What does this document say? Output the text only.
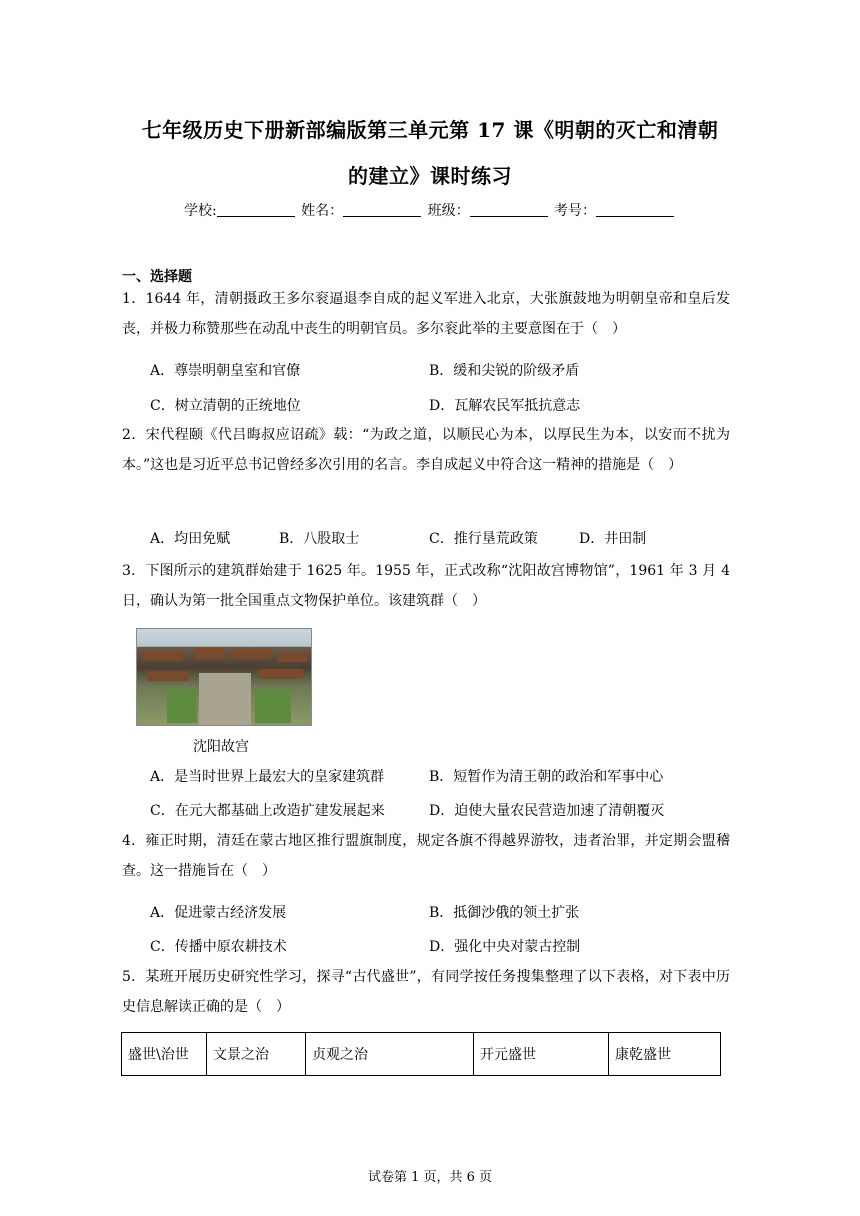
七年级历史下册新部编版第三单元第 17 课《明朝的灭亡和清朝
的建立》课时练习
学校:	姓名：	班级：	考号：
一、选择题
1．1644 年，清朝摄政王多尔衮逼退李自成的起义军进入北京，大张旗鼓地为明朝皇帝和皇后发丧，并极力称赞那些在动乱中丧生的明朝官员。多尔衮此举的主要意图在于（　）
A．尊崇明朝皇室和官僚	B．缓和尖锐的阶级矛盾
C．树立清朝的正统地位	D．瓦解农民军抵抗意志
2．宋代程颐《代吕晦叔应诏疏》载：“为政之道，以顺民心为本，以厚民生为本，以安而不扰为本。”这也是习近平总书记曾经多次引用的名言。李自成起义中符合这一精神的措施是（　）
A．均田免赋	B．八股取士	C．推行垦荒政策	D．井田制
3．下图所示的建筑群始建于 1625 年。1955 年，正式改称“沈阳故宫博物馆”，1961 年 3 月 4 日，确认为第一批全国重点文物保护单位。该建筑群（　）
沈阳故宫
A．是当时世界上最宏大的皇家建筑群	B．短暂作为清王朝的政治和军事中心
C．在元大都基础上改造扩建发展起来	D．迫使大量农民营造加速了清朝覆灭
4．雍正时期，清廷在蒙古地区推行盟旗制度，规定各旗不得越界游牧，违者治罪，并定期会盟稽查。这一措施旨在（　）
A．促进蒙古经济发展	B．抵御沙俄的领土扩张
C．传播中原农耕技术	D．强化中央对蒙古控制
5．某班开展历史研究性学习，探寻“古代盛世”，有同学按任务搜集整理了以下表格，对下表中历史信息解读正确的是（　）
盛世\治世	文景之治	贞观之治	开元盛世	康乾盛世
试卷第 1 页，共 6 页
